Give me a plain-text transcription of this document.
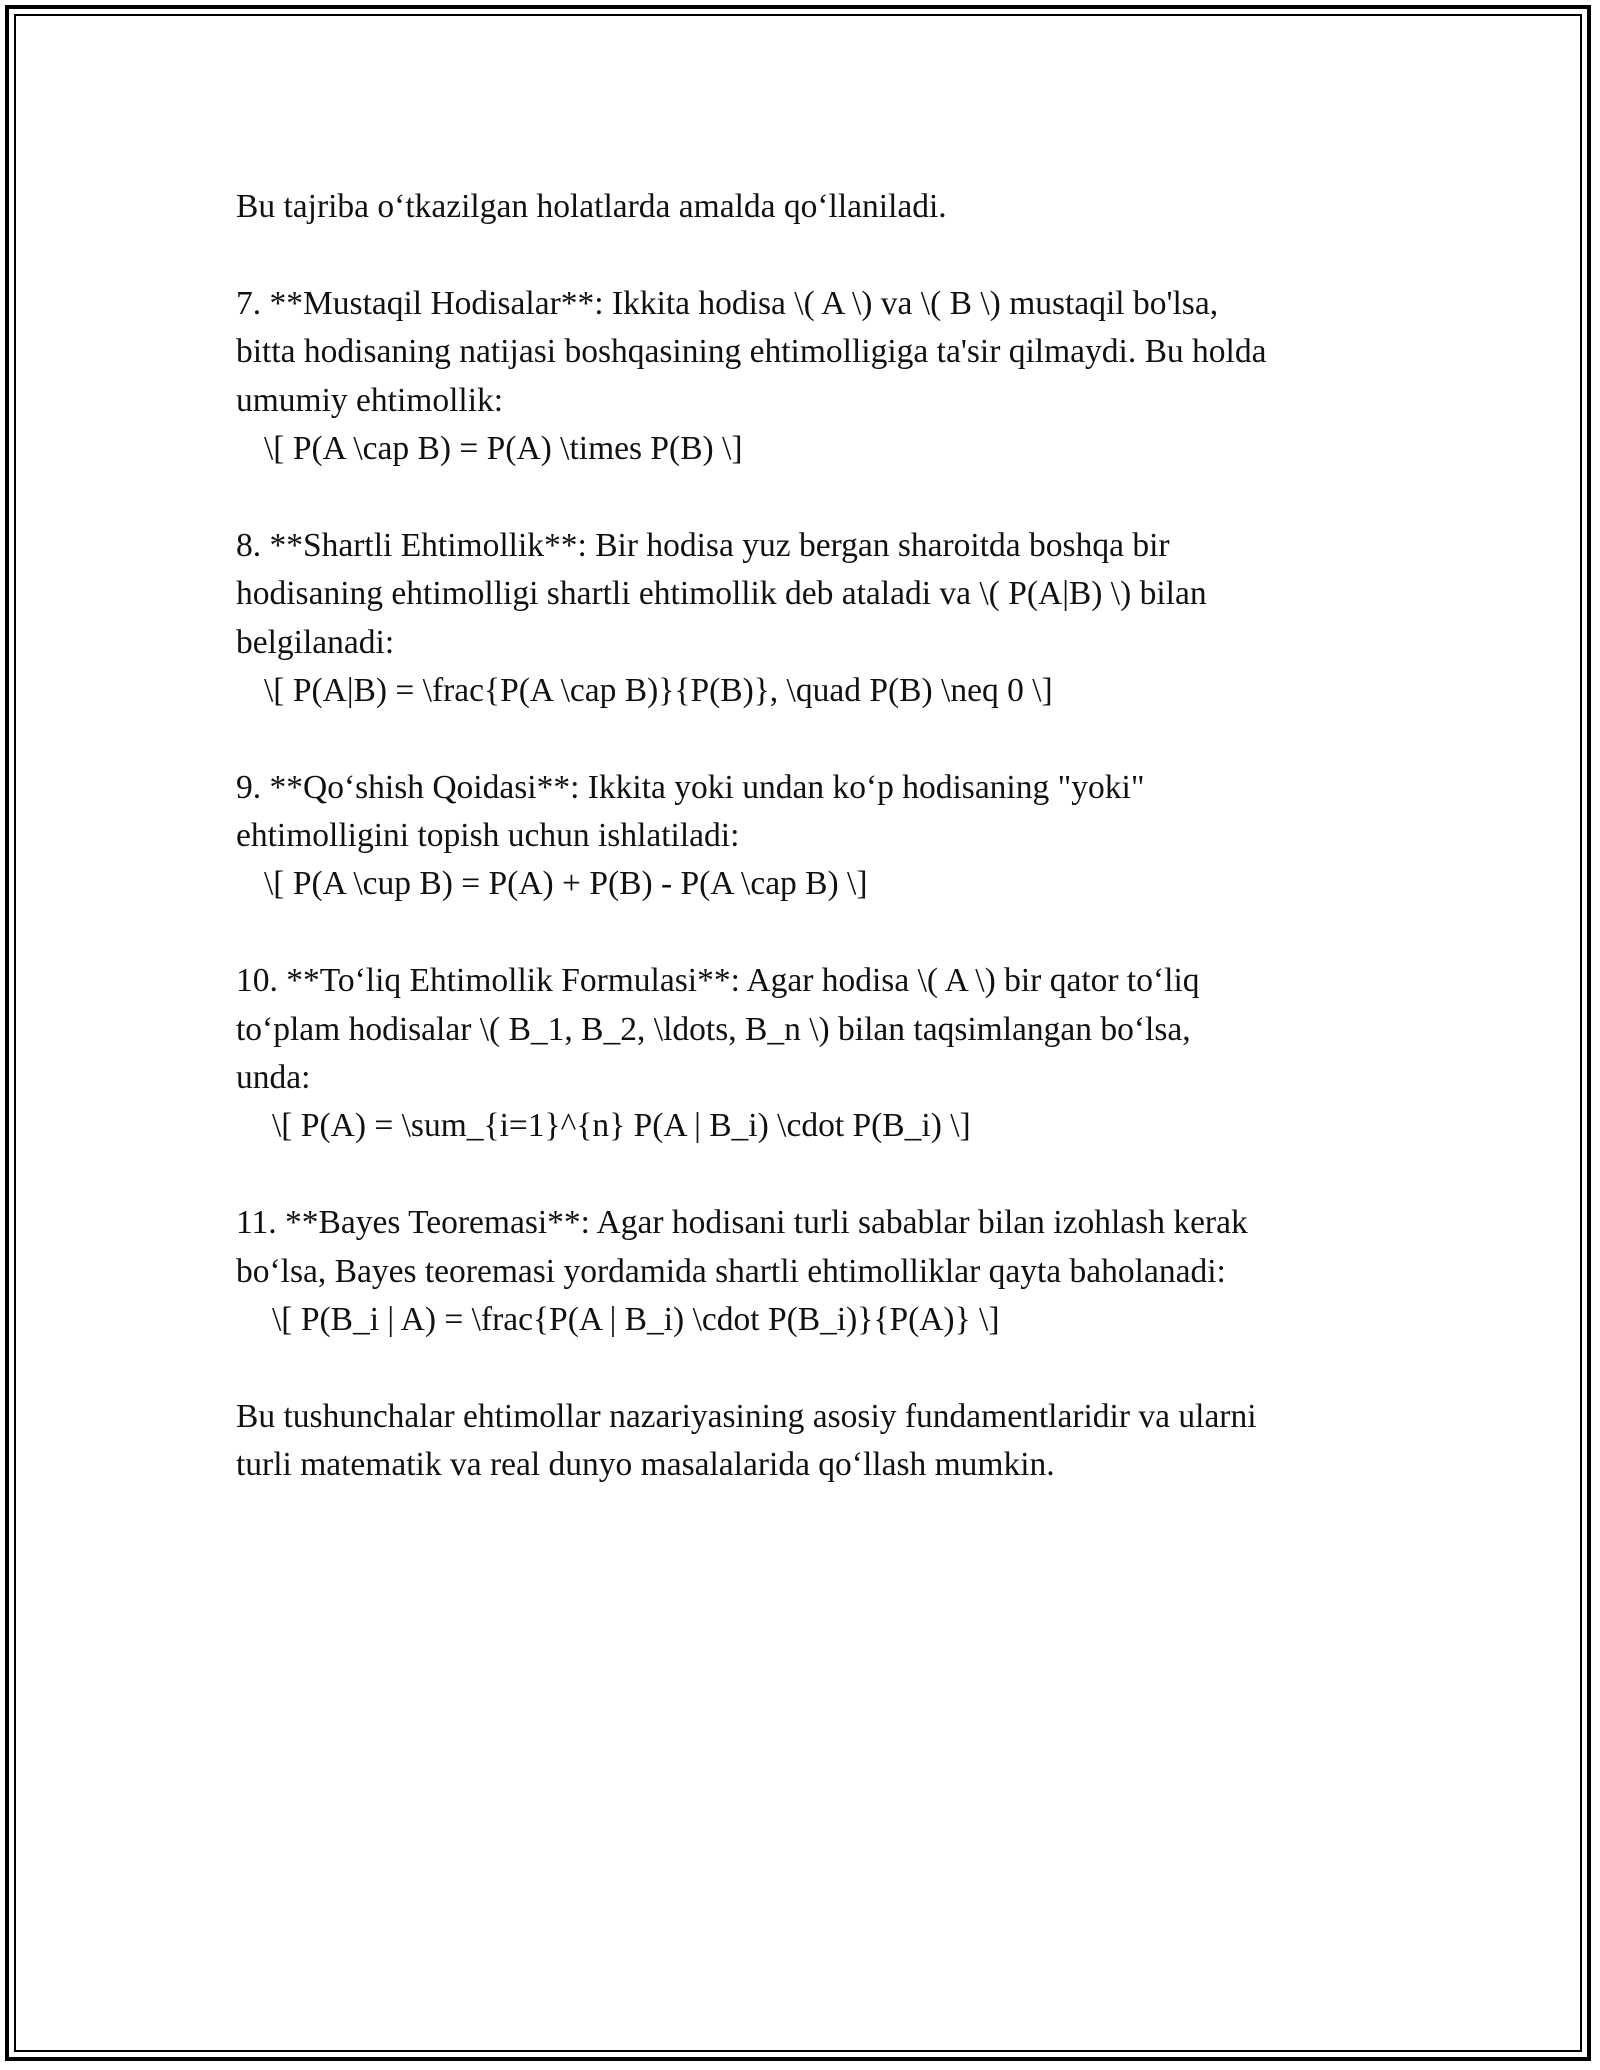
Bu tajriba o‘tkazilgan holatlarda amalda qo‘llaniladi.
7. **Mustaqil Hodisalar**: Ikkita hodisa \( A \) va \( B \) mustaqil bo'lsa,
bitta hodisaning natijasi boshqasining ehtimolligiga ta'sir qilmaydi. Bu holda
umumiy ehtimollik:
\[ P(A \cap B) = P(A) \times P(B) \]
8. **Shartli Ehtimollik**: Bir hodisa yuz bergan sharoitda boshqa bir
hodisaning ehtimolligi shartli ehtimollik deb ataladi va \( P(A|B) \) bilan
belgilanadi:
\[ P(A|B) = \frac{P(A \cap B)}{P(B)}, \quad P(B) \neq 0 \]
9. **Qo‘shish Qoidasi**: Ikkita yoki undan ko‘p hodisaning "yoki"
ehtimolligini topish uchun ishlatiladi:
\[ P(A \cup B) = P(A) + P(B) - P(A \cap B) \]
10. **To‘liq Ehtimollik Formulasi**: Agar hodisa \( A \) bir qator to‘liq
to‘plam hodisalar \( B_1, B_2, \ldots, B_n \) bilan taqsimlangan bo‘lsa,
unda:
\[ P(A) = \sum_{i=1}^{n} P(A | B_i) \cdot P(B_i) \]
11. **Bayes Teoremasi**: Agar hodisani turli sabablar bilan izohlash kerak
bo‘lsa, Bayes teoremasi yordamida shartli ehtimolliklar qayta baholanadi:
\[ P(B_i | A) = \frac{P(A | B_i) \cdot P(B_i)}{P(A)} \]
Bu tushunchalar ehtimollar nazariyasining asosiy fundamentlaridir va ularni
turli matematik va real dunyo masalalarida qo‘llash mumkin.
